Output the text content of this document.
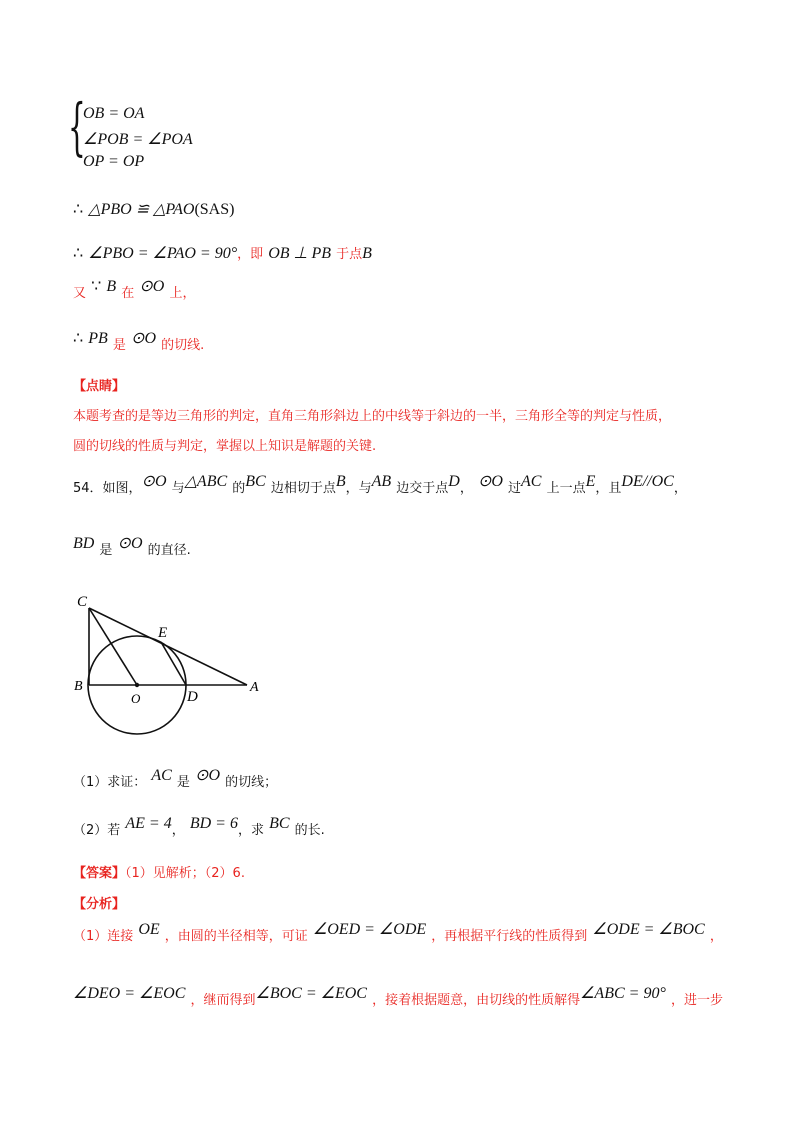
{
OB = OA
∠POB = ∠POA
OP = OP
∴ △PBO ≌ △PAO(SAS)
∴ ∠PBO = ∠PAO = 90°，即 OB ⊥ PB 于点B
$_又$ ∵ B $_在$ ⊙O $_{上,}$
∴ PB $_是$ ⊙O $_{的切线.}$
【点睛】
本题考查的是等边三角形的判定，直角三角形斜边上的中线等于斜边的一半，三角形全等的判定与性质，
圆的切线的性质与判定，掌握以上知识是解题的关键.
$_{54.如图,}$⊙O $_与$△ABC $_的$BC $_{边相切于点}B_{,与}AB$ $_{边交于点}D_,$ ⊙O $_过$AC $_{上一点}E_{,且}DE//OC_,$
BD $_是$ ⊙O $_{的直径.}$
C
E
B
O	D
A
$_{(1)求证:}$ AC $_是$ ⊙O $_{的切线;}$
$_{(2)若}$ AE = $4_,$ BD = $6_{,求}$ BC $_{的长.}$
【答案】（1）见解析；（2）6.
【分析】
$_{(1)连接}$ OE $_{,由圆的半径相等,可证}$ ∠OED = ∠ODE $_{,再根据平行线的性质得到}$ ∠ODE = ∠BOC $_,$
∠DEO = ∠EOC $_{,继而得到}$∠BOC = ∠EOC $_{,接着根据题意,由切线的性质解得}$∠ABC = 90° $_{,进一步}$
